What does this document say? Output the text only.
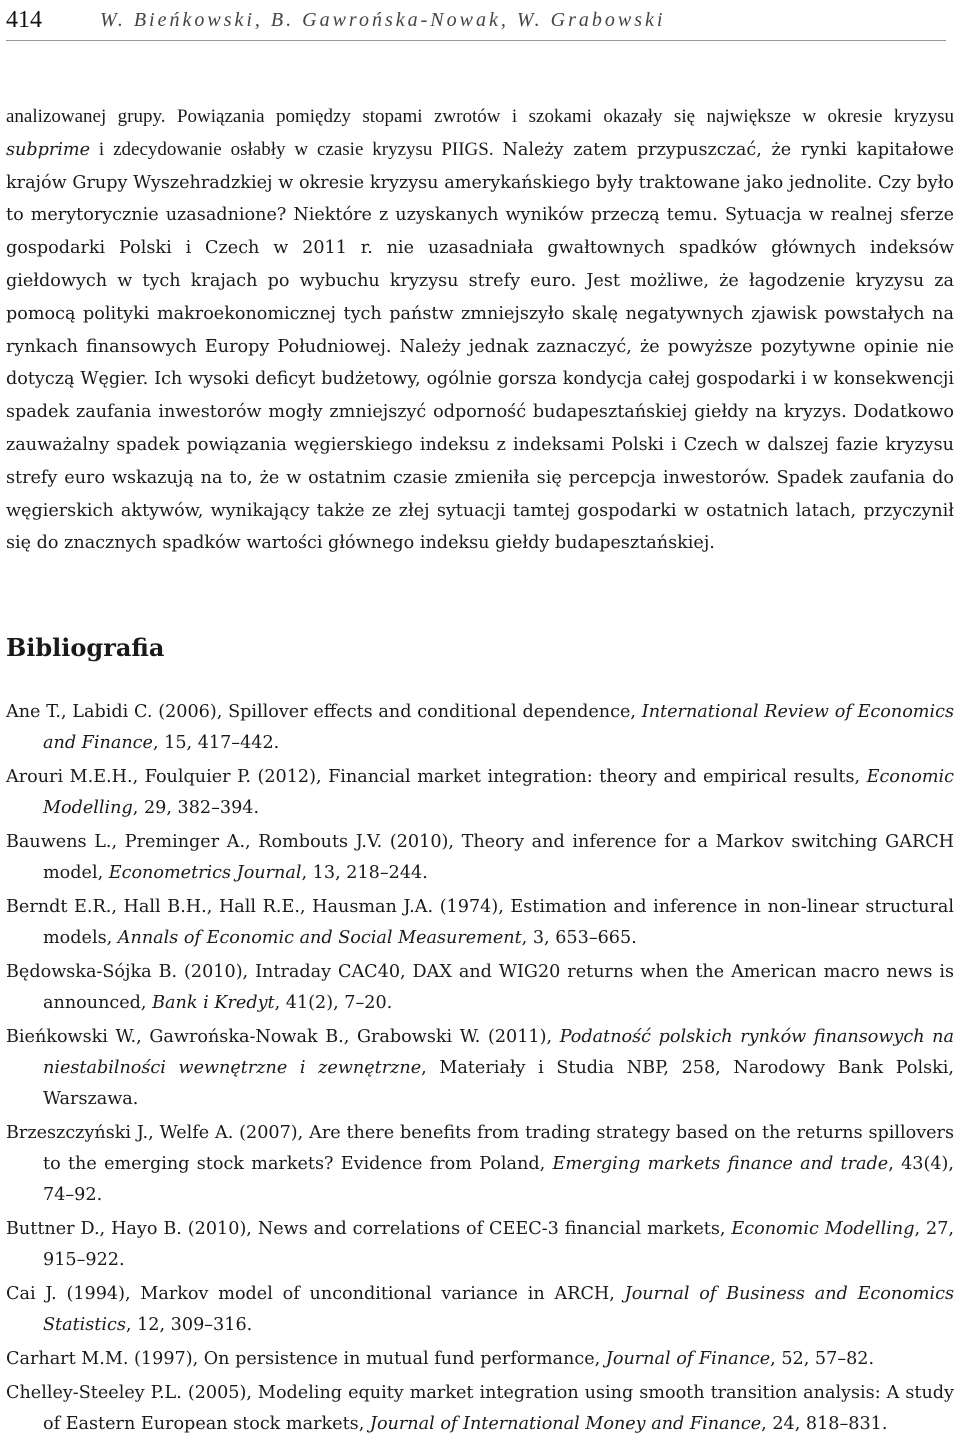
414	W. Bieńkowski, B. Gawrońska-Nowak, W. Grabowski

analizowanej grupy. Powiązania pomiędzy stopami zwrotów i szokami okazały się największe w okresie kryzysu subprime i zdecydowanie osłabły w czasie kryzysu PIIGS. Należy zatem przypuszczać, że rynki kapitałowe krajów Grupy Wyszehradzkiej w okresie kryzysu amerykańskiego były traktowane jako jednolite. Czy było to merytorycznie uzasadnione? Niektóre z uzyskanych wyników przeczą temu. Sytuacja w realnej sferze gospodarki Polski i Czech w 2011 r. nie uzasadniała gwałtownych spadków głównych indeksów giełdowych w tych krajach po wybuchu kryzysu strefy euro. Jest możliwe, że łagodzenie kryzysu za pomocą polityki makroekonomicznej tych państw zmniejszyło skalę negatywnych zjawisk powstałych na rynkach finansowych Europy Południowej. Należy jednak zaznaczyć, że powyższe pozytywne opinie nie dotyczą Węgier. Ich wysoki deficyt budżetowy, ogólnie gorsza kondycja całej gospodarki i w konsekwencji spadek zaufania inwestorów mogły zmniejszyć odporność budapesztańskiej giełdy na kryzys. Dodatkowo zauważalny spadek powiązania węgierskiego indeksu z indeksami Polski i Czech w dalszej fazie kryzysu strefy euro wskazują na to, że w ostatnim czasie zmieniła się percepcja inwestorów. Spadek zaufania do węgierskich aktywów, wynikający także ze złej sytuacji tamtej gospodarki w ostatnich latach, przyczynił się do znacznych spadków wartości głównego indeksu giełdy budapesztańskiej.

Bibliografia
Ane T., Labidi C. (2006), Spillover effects and conditional dependence, International Review of Economics and Finance, 15, 417–442.
Arouri M.E.H., Foulquier P. (2012), Financial market integration: theory and empirical results, Economic Modelling, 29, 382–394.
Bauwens L., Preminger A., Rombouts J.V. (2010), Theory and inference for a Markov switching GARCH model, Econometrics Journal, 13, 218–244.
Berndt E.R., Hall B.H., Hall R.E., Hausman J.A. (1974), Estimation and inference in non-linear structural models, Annals of Economic and Social Measurement, 3, 653–665.
Będowska-Sójka B. (2010), Intraday CAC40, DAX and WIG20 returns when the American macro news is announced, Bank i Kredyt, 41(2), 7–20.
Bieńkowski W., Gawrońska-Nowak B., Grabowski W. (2011), Podatność polskich rynków finansowych na niestabilności wewnętrzne i zewnętrzne, Materiały i Studia NBP, 258, Narodowy Bank Polski, Warszawa.
Brzeszczyński J., Welfe A. (2007), Are there benefits from trading strategy based on the returns spillovers to the emerging stock markets? Evidence from Poland, Emerging markets finance and trade, 43(4), 74–92.
Buttner D., Hayo B. (2010), News and correlations of CEEC-3 financial markets, Economic Modelling, 27, 915–922.
Cai J. (1994), Markov model of unconditional variance in ARCH, Journal of Business and Economics Statistics, 12, 309–316.
Carhart M.M. (1997), On persistence in mutual fund performance, Journal of Finance, 52, 57–82.
Chelley-Steeley P.L. (2005), Modeling equity market integration using smooth transition analysis: A study of Eastern European stock markets, Journal of International Money and Finance, 24, 818–831.
